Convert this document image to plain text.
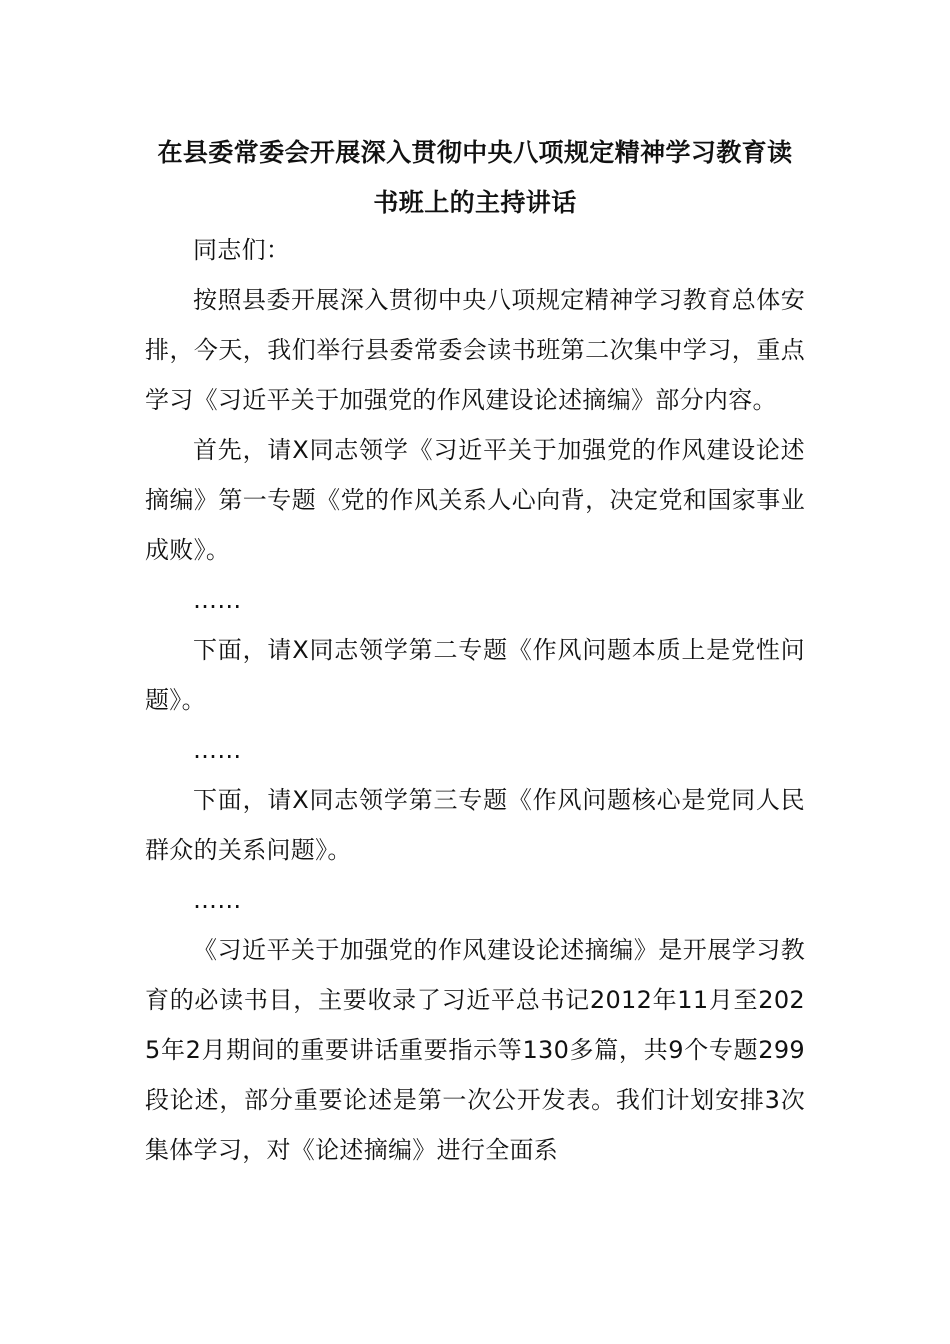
在县委常委会开展深入贯彻中央八项规定精神学习教育读
书班上的主持讲话

同志们：

按照县委开展深入贯彻中央八项规定精神学习教育总体安排，今天，我们举行县委常委会读书班第二次集中学习，重点学习《习近平关于加强党的作风建设论述摘编》部分内容。

首先，请X同志领学《习近平关于加强党的作风建设论述摘编》第一专题《党的作风关系人心向背，决定党和国家事业成败》。

……

下面，请X同志领学第二专题《作风问题本质上是党性问题》。

……

下面，请X同志领学第三专题《作风问题核心是党同人民群众的关系问题》。

……

《习近平关于加强党的作风建设论述摘编》是开展学习教育的必读书目，主要收录了习近平总书记2012年11月至2025年2月期间的重要讲话重要指示等130多篇，共9个专题299段论述，部分重要论述是第一次公开发表。我们计划安排3次集体学习，对《论述摘编》进行全面系
